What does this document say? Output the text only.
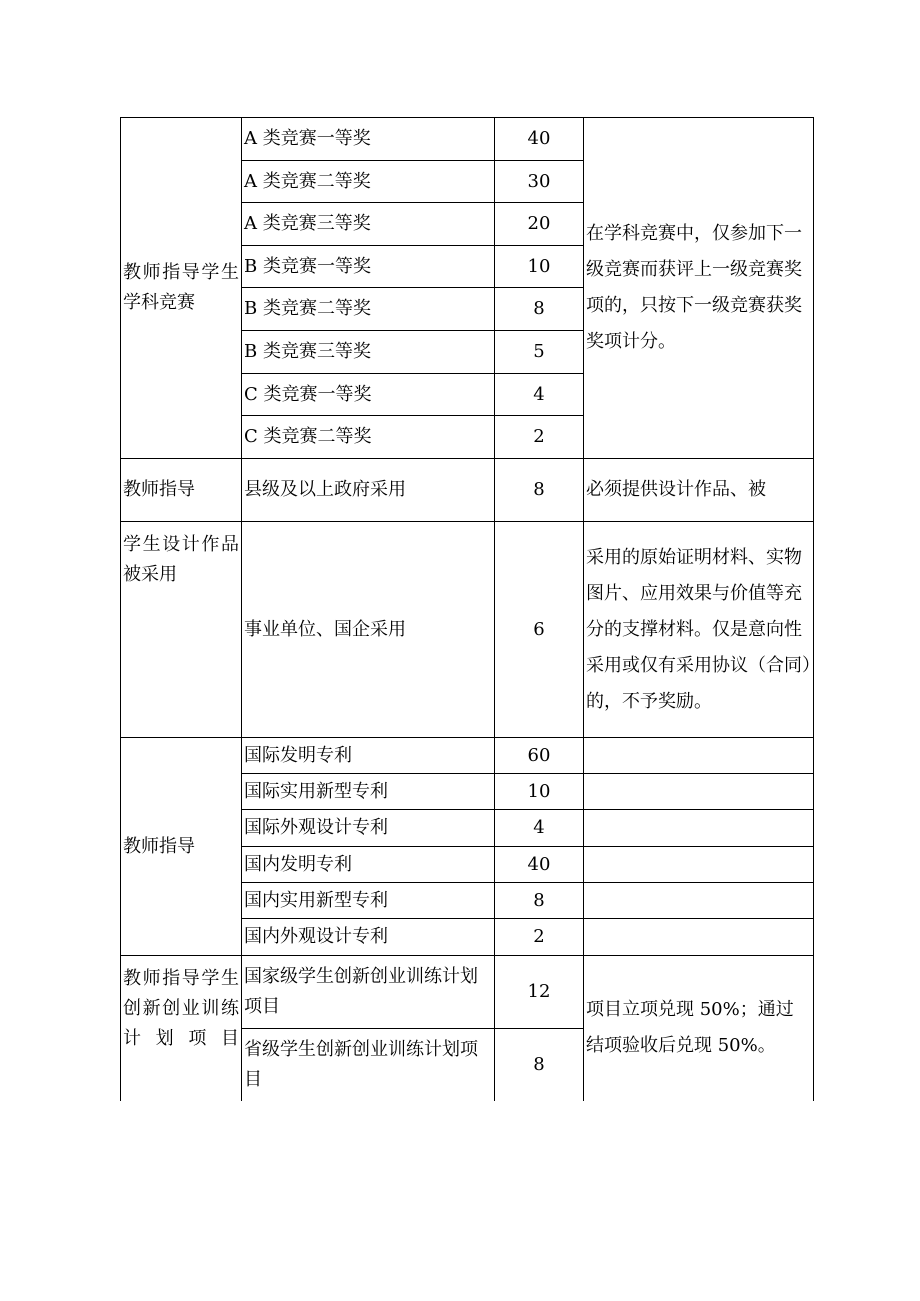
教师指导学生学科竞赛	A 类竞赛一等奖	40	在学科竞赛中，仅参加下一级竞赛而获评上一级竞赛奖项的，只按下一级竞赛获奖奖项计分。
	A 类竞赛二等奖	30	
	A 类竞赛三等奖	20	
	B 类竞赛一等奖	10	
	B 类竞赛二等奖	8	
	B 类竞赛三等奖	5	
	C 类竞赛一等奖	4	
	C 类竞赛二等奖	2	
教师指导	县级及以上政府采用	8	必须提供设计作品、被
学生设计作品被采用	事业单位、国企采用	6	采用的原始证明材料、实物图片、应用效果与价值等充分的支撑材料。仅是意向性采用或仅有采用协议（合同）的，不予奖励。
教师指导	国际发明专利	60	
	国际实用新型专利	10	
	国际外观设计专利	4	
	国内发明专利	40	
	国内实用新型专利	8	
	国内外观设计专利	2	
教师指导学生创新创业训练计划项目	国家级学生创新创业训练计划项目	12	项目立项兑现 50%；通过结项验收后兑现 50%。
	省级学生创新创业训练计划项目	8	
